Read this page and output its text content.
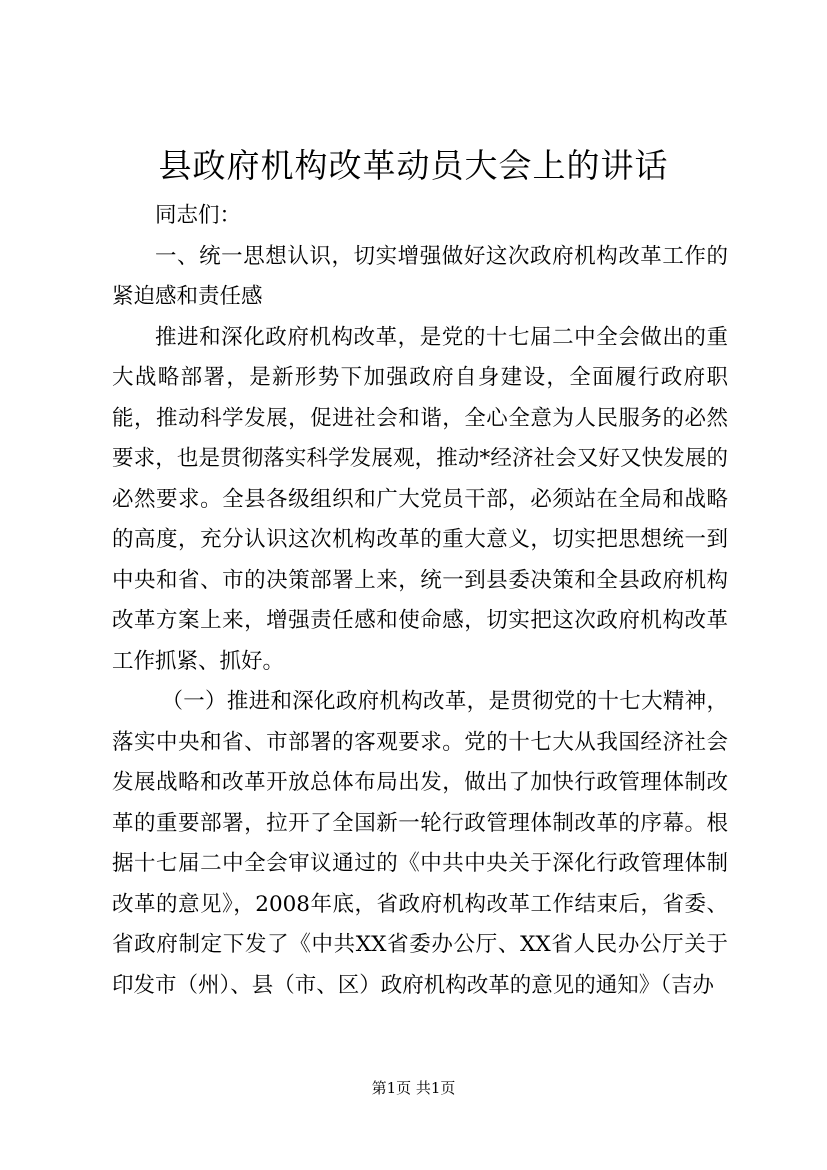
县政府机构改革动员大会上的讲话

同志们：

一、统一思想认识，切实增强做好这次政府机构改革工作的紧迫感和责任感

推进和深化政府机构改革，是党的十七届二中全会做出的重大战略部署，是新形势下加强政府自身建设，全面履行政府职能，推动科学发展，促进社会和谐，全心全意为人民服务的必然要求，也是贯彻落实科学发展观，推动*经济社会又好又快发展的必然要求。全县各级组织和广大党员干部，必须站在全局和战略的高度，充分认识这次机构改革的重大意义，切实把思想统一到中央和省、市的决策部署上来，统一到县委决策和全县政府机构改革方案上来，增强责任感和使命感，切实把这次政府机构改革工作抓紧、抓好。

（一）推进和深化政府机构改革，是贯彻党的十七大精神，落实中央和省、市部署的客观要求。党的十七大从我国经济社会发展战略和改革开放总体布局出发，做出了加快行政管理体制改革的重要部署，拉开了全国新一轮行政管理体制改革的序幕。根据十七届二中全会审议通过的《中共中央关于深化行政管理体制改革的意见》，2008年底，省政府机构改革工作结束后，省委、省政府制定下发了《中共XX省委办公厅、XX省人民办公厅关于印发市（州）、县（市、区）政府机构改革的意见的通知》（吉办

第1页 共1页
